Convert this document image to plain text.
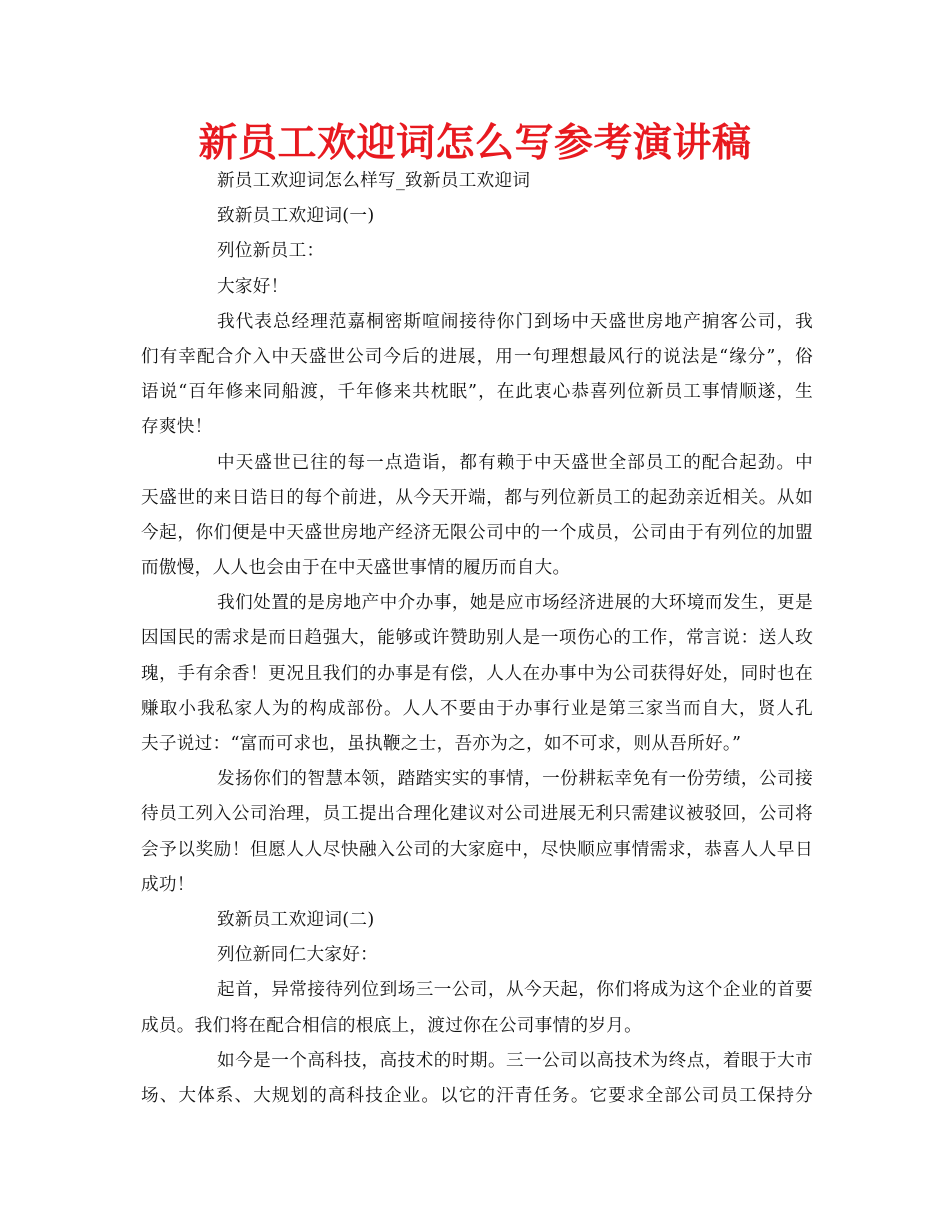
新员工欢迎词怎么写参考演讲稿
新员工欢迎词怎么样写_致新员工欢迎词
致新员工欢迎词(一)
列位新员工：
大家好！
我代表总经理范嘉桐密斯喧闹接待你门到场中天盛世房地产掮客公司，我
们有幸配合介入中天盛世公司今后的进展，用一句理想最风行的说法是“缘分”，俗
语说“百年修来同船渡，千年修来共枕眠”，在此衷心恭喜列位新员工事情顺遂，生
存爽快！
中天盛世已往的每一点造诣，都有赖于中天盛世全部员工的配合起劲。中
天盛世的来日诰日的每个前进，从今天开端，都与列位新员工的起劲亲近相关。从如
今起，你们便是中天盛世房地产经济无限公司中的一个成员，公司由于有列位的加盟
而傲慢，人人也会由于在中天盛世事情的履历而自大。
我们处置的是房地产中介办事，她是应市场经济进展的大环境而发生，更是
因国民的需求是而日趋强大，能够或许赞助别人是一项伤心的工作，常言说：送人玫
瑰，手有余香！更况且我们的办事是有偿，人人在办事中为公司获得好处，同时也在
赚取小我私家人为的构成部份。人人不要由于办事行业是第三家当而自大，贤人孔
夫子说过：“富而可求也，虽执鞭之士，吾亦为之，如不可求，则从吾所好。”
发扬你们的智慧本领，踏踏实实的事情，一份耕耘幸免有一份劳绩，公司接
待员工列入公司治理，员工提出合理化建议对公司进展无利只需建议被驳回，公司将
会予以奖励！但愿人人尽快融入公司的大家庭中，尽快顺应事情需求，恭喜人人早日
成功！
致新员工欢迎词(二)
列位新同仁大家好：
起首，异常接待列位到场三一公司，从今天起，你们将成为这个企业的首要
成员。我们将在配合相信的根底上，渡过你在公司事情的岁月。
如今是一个高科技，高技术的时期。三一公司以高技术为终点，着眼于大市
场、大体系、大规划的高科技企业。以它的汗青任务。它要求全部公司员工保持分
